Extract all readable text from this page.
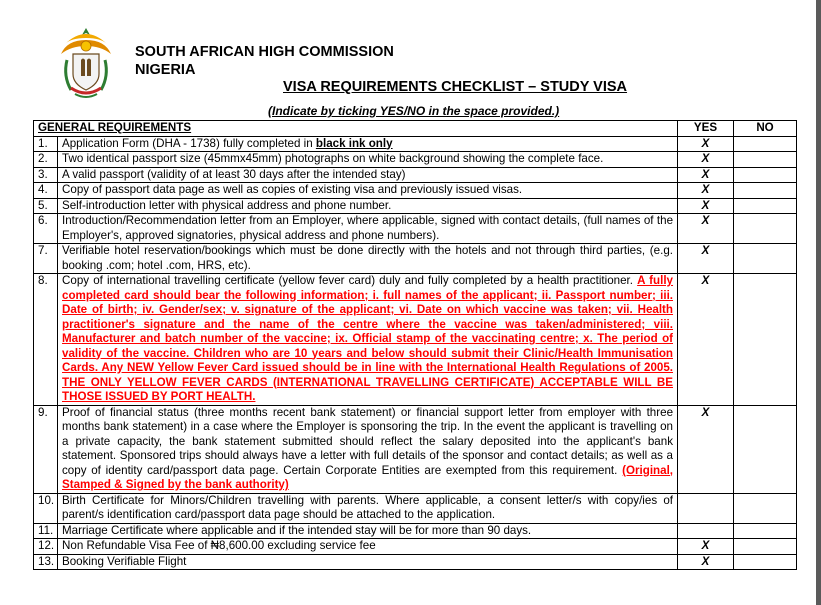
SOUTH AFRICAN HIGH COMMISSION
NIGERIA
VISA REQUIREMENTS CHECKLIST – STUDY VISA
(Indicate by ticking YES/NO in the space provided.)
GENERAL REQUIREMENTS		YES	NO
1.	Application Form (DHA - 1738) fully completed in black ink only	X	
2.	Two identical passport size (45mmx45mm) photographs on white background showing the complete face.	X	
3.	A valid passport (validity of at least 30 days after the intended stay)	X	
4.	Copy of passport data page as well as copies of existing visa and previously issued visas.	X	
5.	Self-introduction letter with physical address and phone number.	X	
6.	Introduction/Recommendation letter from an Employer, where applicable, signed with contact details, (full names of the Employer's, approved signatories, physical address and phone numbers).	X	
7.	Verifiable hotel reservation/bookings which must be done directly with the hotels and not through third parties, (e.g. booking .com; hotel .com, HRS, etc).	X	
8.	Copy of international travelling certificate (yellow fever card) duly and fully completed by a health practitioner. A fully completed card should bear the following information; i. full names of the applicant; ii. Passport number; iii. Date of birth; iv. Gender/sex; v. signature of the applicant; vi. Date on which vaccine was taken; vii. Health practitioner's signature and the name of the centre where the vaccine was taken/administered; viii. Manufacturer and batch number of the vaccine; ix. Official stamp of the vaccinating centre; x. The period of validity of the vaccine. Children who are 10 years and below should submit their Clinic/Health Immunisation Cards. Any NEW Yellow Fever Card issued should be in line with the International Health Regulations of 2005. THE ONLY YELLOW FEVER CARDS (INTERNATIONAL TRAVELLING CERTIFICATE) ACCEPTABLE WILL BE THOSE ISSUED BY PORT HEALTH.	X	
9.	Proof of financial status (three months recent bank statement) or financial support letter from employer with three months bank statement) in a case where the Employer is sponsoring the trip. In the event the applicant is travelling on a private capacity, the bank statement submitted should reflect the salary deposited into the applicant's bank statement. Sponsored trips should always have a letter with full details of the sponsor and contact details; as well as a copy of identity card/passport data page. Certain Corporate Entities are exempted from this requirement. (Original, Stamped & Signed by the bank authority)	X	
10.	Birth Certificate for Minors/Children travelling with parents. Where applicable, a consent letter/s with copy/ies of parent/s identification card/passport data page should be attached to the application.		
11.	Marriage Certificate where applicable and if the intended stay will be for more than 90 days.		
12.	Non Refundable Visa Fee of ₦8,600.00 excluding service fee	X	
13.	Booking Verifiable Flight	X	
